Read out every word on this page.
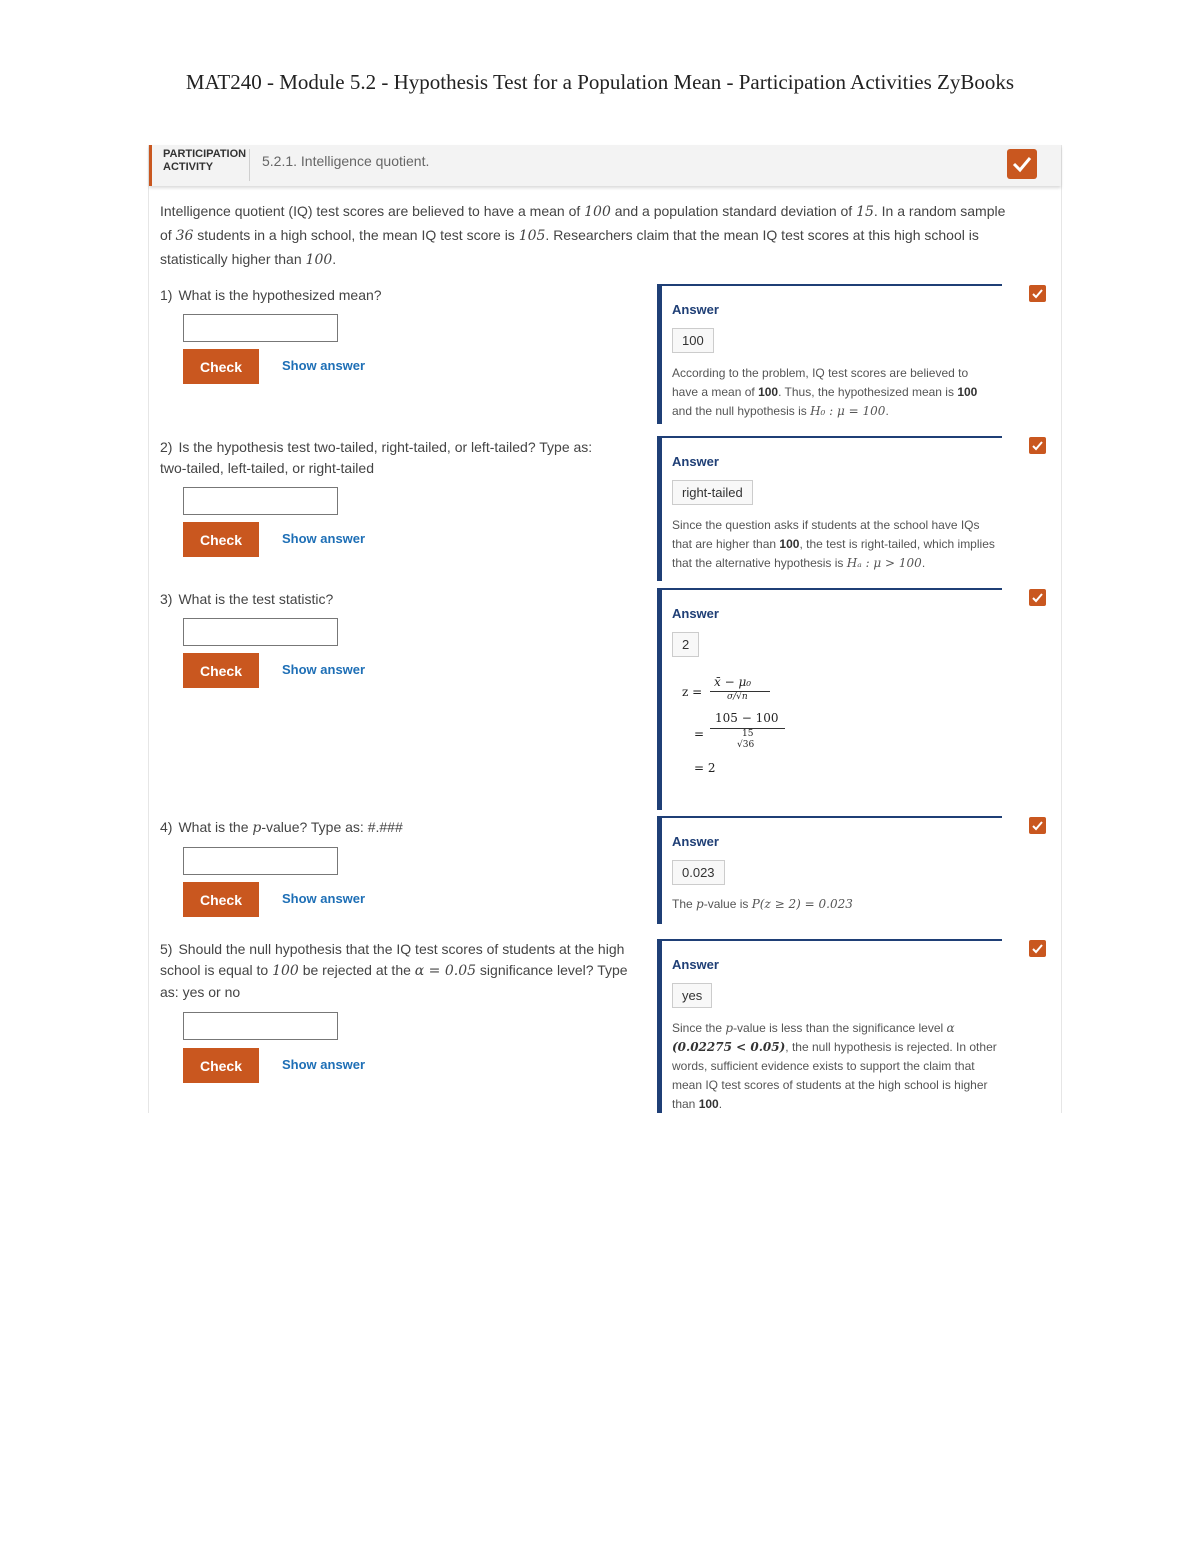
MAT240 - Module 5.2 - Hypothesis Test for a Population Mean - Participation Activities ZyBooks
PARTICIPATION
ACTIVITY	5.2.1. Intelligence quotient.
Intelligence quotient (IQ) test scores are believed to have a mean of 100 and a population standard deviation of 15. In a random sample of 36 students in a high school, the mean IQ test score is 105. Researchers claim that the mean IQ test scores at this high school is statistically higher than 100.
1) What is the hypothesized mean?
Check	Show answer
2) Is the hypothesis test two-tailed, right-tailed, or left-tailed? Type as: two-tailed, left-tailed, or right-tailed
Check	Show answer
3) What is the test statistic?
Check	Show answer
4) What is the p-value? Type as: #.###
Check	Show answer
5) Should the null hypothesis that the IQ test scores of students at the high school is equal to 100 be rejected at the α = 0.05 significance level? Type as: yes or no
Check	Show answer
Answer
100
According to the problem, IQ test scores are believed to have a mean of 100. Thus, the hypothesized mean is 100 and the null hypothesis is H₀ : μ = 100.
Answer
right-tailed
Since the question asks if students at the school have IQs that are higher than 100, the test is right-tailed, which implies that the alternative hypothesis is Hₐ : μ > 100.
Answer
2
z =
x̄ − μ₀
σ/√n
=
105 − 100
15
√36
= 2
Answer
0.023
The p-value is P(z ≥ 2) = 0.023
Answer
yes
Since the p-value is less than the significance level α (0.02275 < 0.05), the null hypothesis is rejected. In other words, sufficient evidence exists to support the claim that mean IQ test scores of students at the high school is higher than 100.
